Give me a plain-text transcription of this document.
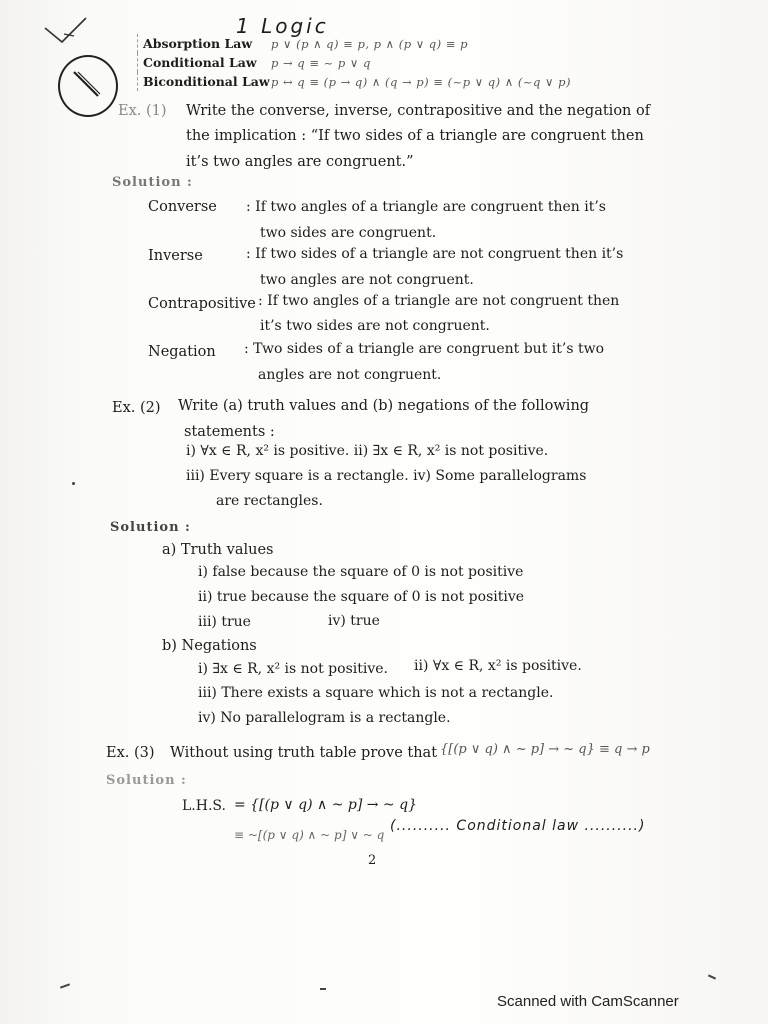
1 Logic
Absorption Law	p ∨ (p ∧ q) ≡ p, p ∧ (p ∨ q) ≡ p
Conditional Law	p → q ≡ ~ p ∨ q
Biconditional Law p ↔ q ≡ (p → q) ∧ (q → p) ≡ (~p ∨ q) ∧ (~q ∨ p)
Ex. (1) Write the converse, inverse, contrapositive and the negation of
the implication : “If two sides of a triangle are congruent then
it’s two angles are congruent.”
Solution :
Converse : If two angles of a triangle are congruent then it’s
two sides are congruent.
Inverse	: If two sides of a triangle are not congruent then it’s
two angles are not congruent.
Contrapositive : If two angles of a triangle are not congruent then
it’s two sides are not congruent.
Negation : Two sides of a triangle are congruent but it’s two
angles are not congruent.
Ex. (2) Write (a) truth values and (b) negations of the following
statements :
i) ∀x ∈ R, x² is positive. ii) ∃x ∈ R, x² is not positive.
iii) Every square is a rectangle. iv) Some parallelograms
are rectangles.
Solution :
a) Truth values
i) false because the square of 0 is not positive
ii) true because the square of 0 is not positive
iii) true	iv) true
b) Negations
i) ∃x ∈ R, x² is not positive. ii) ∀x ∈ R, x² is positive.
iii) There exists a square which is not a rectangle.
iv) No parallelogram is a rectangle.
Ex. (3) Without using truth table prove that {[(p ∨ q) ∧ ~ p] → ~ q} ≡ q → p
Solution :
L.H.S. = {[(p ∨ q) ∧ ~ p] → ~ q}
≡ ~[(p ∨ q) ∧ ~ p] ∨ ~ q
(.......... Conditional law ..........)
2
Scanned with CamScanner
